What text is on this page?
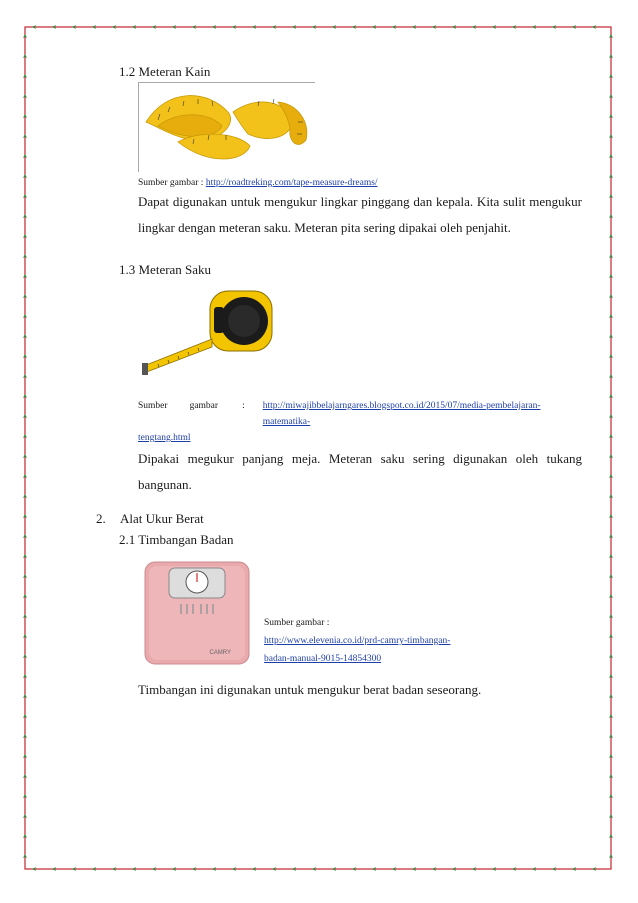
1.2 Meteran Kain
Sumber gambar : http://roadtreking.com/tape-measure-dreams/
Dapat digunakan untuk mengukur lingkar pinggang dan kepala. Kita sulit mengukur lingkar dengan meteran saku. Meteran pita sering dipakai oleh penjahit.
1.3 Meteran Saku
Sumber gambar	: http://miwajibbelajarngares.blogspot.co.id/2015/07/media-pembelajaran-matematika-
tengtang.html
Dipakai megukur panjang meja. Meteran saku sering digunakan oleh tukang bangunan.
2. Alat Ukur Berat
2.1 Timbangan Badan
CAMRY
Sumber gambar :
http://www.elevenia.co.id/prd-camry-timbangan-
badan-manual-9015-14854300
Timbangan ini digunakan untuk mengukur berat badan seseorang.
